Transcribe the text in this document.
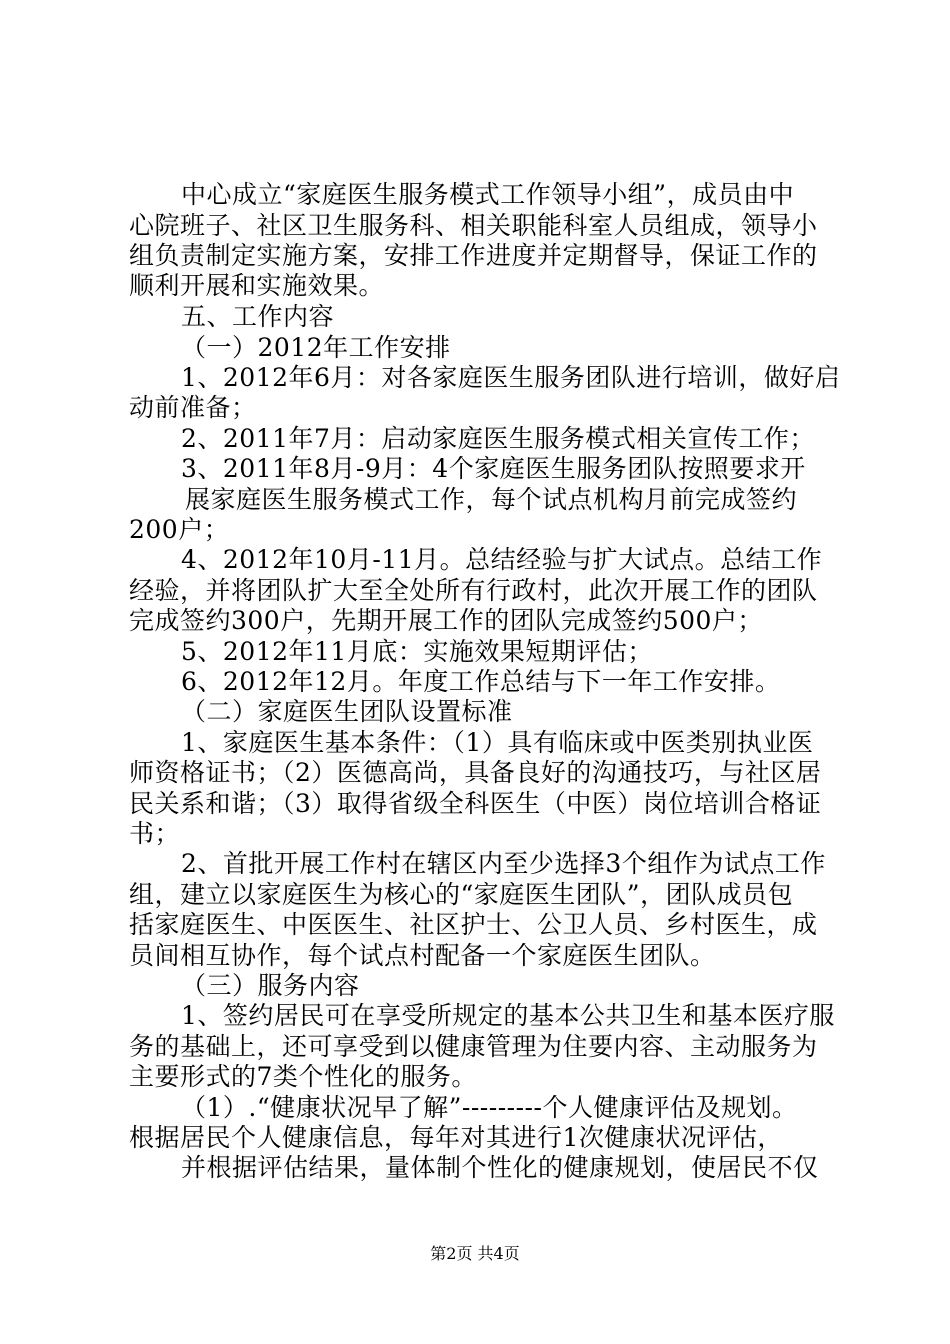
中心成立“家庭医生服务模式工作领导小组”，成员由中
心院班子、社区卫生服务科、相关职能科室人员组成，领导小
组负责制定实施方案，安排工作进度并定期督导，保证工作的
顺利开展和实施效果。
五、工作内容
（一）2012年工作安排
1、2012年6月：对各家庭医生服务团队进行培训，做好启
动前准备；
2、2011年7月：启动家庭医生服务模式相关宣传工作；
3、2011年8月-9月：4个家庭医生服务团队按照要求开
展家庭医生服务模式工作，每个试点机构月前完成签约
200户；
4、2012年10月-11月。总结经验与扩大试点。总结工作
经验，并将团队扩大至全处所有行政村，此次开展工作的团队
完成签约300户，先期开展工作的团队完成签约500户；
5、2012年11月底：实施效果短期评估；
6、2012年12月。年度工作总结与下一年工作安排。
（二）家庭医生团队设置标准
1、家庭医生基本条件：（1）具有临床或中医类别执业医
师资格证书；（2）医德高尚，具备良好的沟通技巧，与社区居
民关系和谐；（3）取得省级全科医生（中医）岗位培训合格证
书；
2、首批开展工作村在辖区内至少选择3个组作为试点工作
组，建立以家庭医生为核心的“家庭医生团队”，团队成员包
括家庭医生、中医医生、社区护士、公卫人员、乡村医生，成
员间相互协作，每个试点村配备一个家庭医生团队。
（三）服务内容
1、签约居民可在享受所规定的基本公共卫生和基本医疗服
务的基础上，还可享受到以健康管理为住要内容、主动服务为
主要形式的7类个性化的服务。
（1）.“健康状况早了解”---------个人健康评估及规划。
根据居民个人健康信息，每年对其进行1次健康状况评估，
并根据评估结果，量体制个性化的健康规划，使居民不仅
第2页 共4页
